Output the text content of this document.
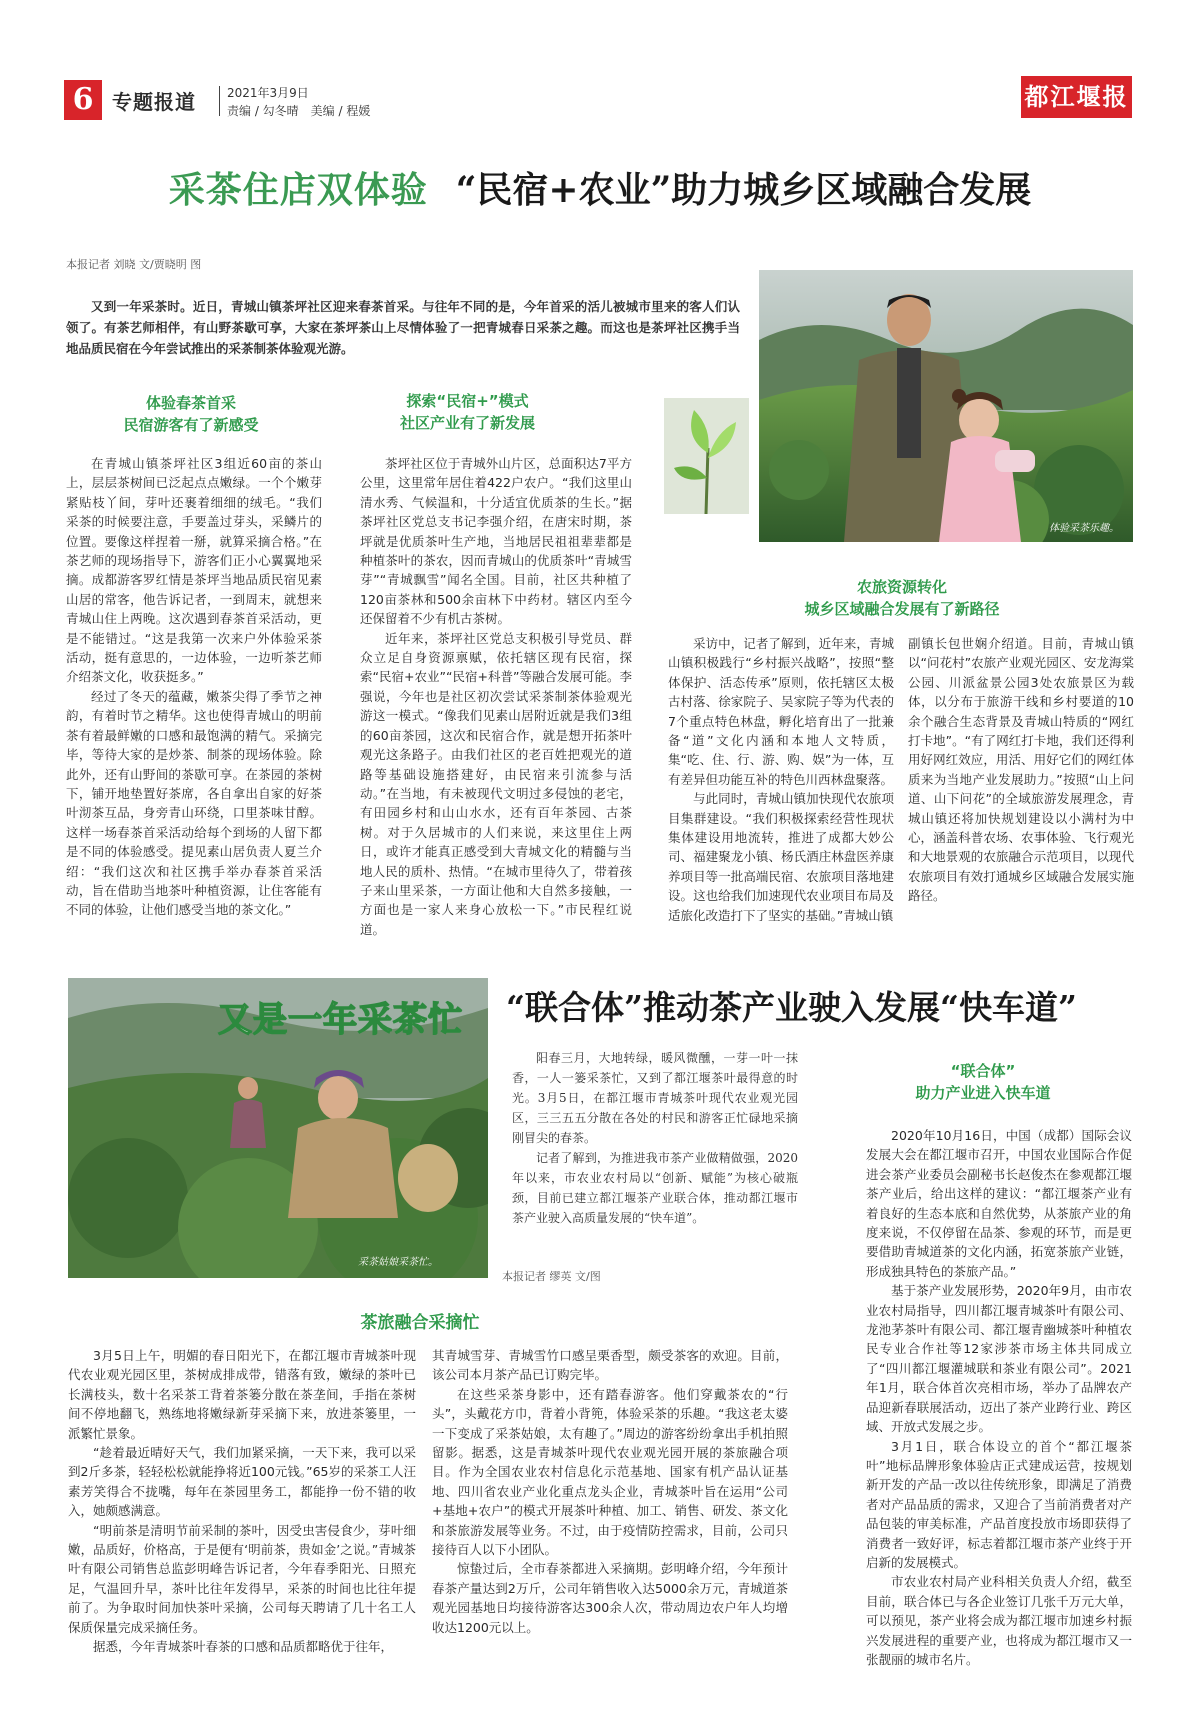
6 专题报道	2021年3月9日
责编 / 勾冬晴　美编 / 程媛	都江堰报
采茶住店双体验 “民宿+农业”助力城乡区域融合发展
本报记者 刘晓 文/贾晓明 图
又到一年采茶时。近日，青城山镇茶坪社区迎来春茶首采。与往年不同的是，今年首采的活儿被城市里来的客人们认领了。有茶艺师相伴，有山野茶歇可享，大家在茶坪茶山上尽情体验了一把青城春日采茶之趣。而这也是茶坪社区携手当地品质民宿在今年尝试推出的采茶制茶体验观光游。
体验采茶乐趣。
体验春茶首采
民宿游客有了新感受
探索“民宿+”模式
社区产业有了新发展
农旅资源转化
城乡区域融合发展有了新路径

在青城山镇茶坪社区3组近60亩的茶山上，层层茶树间已泛起点点嫩绿。一个个嫩芽紧贴枝丫间，芽叶还裹着细细的绒毛。“我们采茶的时候要注意，手要盖过芽头，采鳞片的位置。要像这样捏着一掰，就算采摘合格。”在茶艺师的现场指导下，游客们正小心翼翼地采摘。成都游客罗红情是茶坪当地品质民宿见素山居的常客，他告诉记者，一到周末，就想来青城山住上两晚。这次遇到春茶首采活动，更是不能错过。“这是我第一次来户外体验采茶活动，挺有意思的，一边体验，一边听茶艺师介绍茶文化，收获挺多。”

经过了冬天的蕴藏，嫩茶尖得了季节之神韵，有着时节之精华。这也使得青城山的明前茶有着最鲜嫩的口感和最饱满的精气。采摘完毕，等待大家的是炒茶、制茶的现场体验。除此外，还有山野间的茶歇可享。在茶园的茶树下，铺开地垫置好茶席，各自拿出自家的好茶叶沏茶互品，身旁青山环绕，口里茶味甘醇。这样一场春茶首采活动给每个到场的人留下都是不同的体验感受。提见素山居负责人夏兰介绍：“我们这次和社区携手举办春茶首采活动，旨在借助当地茶叶种植资源，让住客能有不同的体验，让他们感受当地的茶文化。”

茶坪社区位于青城外山片区，总面积达7平方公里，这里常年居住着422户农户。“我们这里山清水秀、气候温和，十分适宜优质茶的生长。”据茶坪社区党总支书记李强介绍，在唐宋时期，茶坪就是优质茶叶生产地，当地居民祖祖辈辈都是种植茶叶的茶农，因而青城山的优质茶叶“青城雪芽”“青城飘雪”闻名全国。目前，社区共种植了120亩茶林和500余亩林下中药材。辖区内至今还保留着不少有机古茶树。

近年来，茶坪社区党总支积极引导党员、群众立足自身资源禀赋，依托辖区现有民宿，探索“民宿+农业”“民宿+科普”等融合发展可能。李强说，今年也是社区初次尝试采茶制茶体验观光游这一模式。“像我们见素山居附近就是我们3组的60亩茶园，这次和民宿合作，就是想开拓茶叶观光这条路子。由我们社区的老百姓把观光的道路等基础设施搭建好，由民宿来引流参与活动。”在当地，有未被现代文明过多侵蚀的老宅，有田园乡村和山山水水，还有百年茶园、古茶树。对于久居城市的人们来说，来这里住上两日，或许才能真正感受到大青城文化的精髓与当地人民的质朴、热情。“在城市里待久了，带着孩子来山里采茶，一方面让他和大自然多接触，一方面也是一家人来身心放松一下。”市民程红说道。

采访中，记者了解到，近年来，青城山镇积极践行“乡村振兴战略”，按照“整体保护、活态传承”原则，依托辖区太极古村落、徐家院子、吴家院子等为代表的7个重点特色林盘，孵化培育出了一批兼备“道”文化内涵和本地人文特质，集“吃、住、行、游、购、娱”为一体，互有差异但功能互补的特色川西林盘聚落。

与此同时，青城山镇加快现代农旅项目集群建设。“我们积极探索经营性现状集体建设用地流转，推进了成都大妙公司、福建聚龙小镇、杨氏酒庄林盘医养康养项目等一批高端民宿、农旅项目落地建设。这也给我们加速现代农业项目布局及适旅化改造打下了坚实的基础。”青城山镇

副镇长包世娴介绍道。目前，青城山镇以“问花村”农旅产业观光园区、安龙海棠公园、川派盆景公园3处农旅景区为载体，以分布于旅游干线和乡村要道的10余个融合生态背景及青城山特质的“网红打卡地”。“有了网红打卡地，我们还得利用好网红效应，用活、用好它们的网红体质来为当地产业发展助力。”按照“山上问道、山下问花”的全域旅游发展理念，青城山镇还将加快规划建设以小满村为中心，涵盖科普农场、农事体验、飞行观光和大地景观的农旅融合示范项目，以现代农旅项目有效打通城乡区域融合发展实施路径。

又是一年采茶忙
采茶姑娘采茶忙。
“联合体”推动茶产业驶入发展“快车道”

阳春三月，大地转绿，暖风微醺，一芽一叶一抹香，一人一篓采茶忙，又到了都江堰茶叶最得意的时光。3月5日，在都江堰市青城茶叶现代农业观光园区，三三五五分散在各处的村民和游客正忙碌地采摘刚冒尖的春茶。

记者了解到，为推进我市茶产业做精做强，2020年以来，市农业农村局以“创新、赋能”为核心破瓶颈，目前已建立都江堰茶产业联合体，推动都江堰市茶产业驶入高质量发展的“快车道”。

本报记者 缪英 文/图
“联合体”
助力产业进入快车道
茶旅融合采摘忙

2020年10月16日，中国（成都）国际会议发展大会在都江堰市召开，中国农业国际合作促进会茶产业委员会副秘书长赵俊杰在参观都江堰茶产业后，给出这样的建议：“都江堰茶产业有着良好的生态本底和自然优势，从茶旅产业的角度来说，不仅停留在品茶、参观的环节，而是更要借助青城道茶的文化内涵，拓宽茶旅产业链，形成独具特色的茶旅产品。”

基于茶产业发展形势，2020年9月，由市农业农村局指导，四川都江堰青城茶叶有限公司、龙池茅茶叶有限公司、都江堰青幽城茶叶种植农民专业合作社等12家涉茶市场主体共同成立了“四川都江堰灌城联和茶业有限公司”。2021年1月，联合体首次亮相市场，举办了品牌农产品迎新春联展活动，迈出了茶产业跨行业、跨区域、开放式发展之步。

3月1日，联合体设立的首个“都江堰茶叶”地标品牌形象体验店正式建成运营，按规划新开发的产品一改以往传统形象，即满足了消费者对产品品质的需求，又迎合了当前消费者对产品包装的审美标准，产品首度投放市场即获得了消费者一致好评，标志着都江堰市茶产业终于开启新的发展模式。

市农业农村局产业科相关负责人介绍，截至目前，联合体已与各企业签订几张千万元大单，可以预见，茶产业将会成为都江堰市加速乡村振兴发展进程的重要产业，也将成为都江堰市又一张靓丽的城市名片。

3月5日上午，明媚的春日阳光下，在都江堰市青城茶叶现代农业观光园区里，茶树成排成带，错落有致，嫩绿的茶叶已长满枝头，数十名采茶工背着茶篓分散在茶垄间，手指在茶树间不停地翻飞，熟练地将嫩绿新芽采摘下来，放进茶篓里，一派繁忙景象。

“趁着最近晴好天气，我们加紧采摘，一天下来，我可以采到2斤多茶，轻轻松松就能挣将近100元钱。”65岁的采茶工人汪素芳笑得合不拢嘴，每年在茶园里务工，都能挣一份不错的收入，她颇感满意。

“明前茶是清明节前采制的茶叶，因受虫害侵食少，芽叶细嫩，品质好，价格高，于是便有‘明前茶，贵如金’之说。”青城茶叶有限公司销售总监彭明峰告诉记者，今年春季阳光、日照充足，气温回升早，茶叶比往年发得早，采茶的时间也比往年提前了。为争取时间加快茶叶采摘，公司每天聘请了几十名工人保质保量完成采摘任务。

据悉，今年青城茶叶春茶的口感和品质都略优于往年，

其青城雪芽、青城雪竹口感呈栗香型，颇受茶客的欢迎。目前，该公司本月茶产品已订购完毕。

在这些采茶身影中，还有踏春游客。他们穿戴茶农的“行头”，头戴花方巾，背着小背篼，体验采茶的乐趣。“我这老太婆一下变成了采茶姑娘，太有趣了。”周边的游客纷纷拿出手机拍照留影。据悉，这是青城茶叶现代农业观光园开展的茶旅融合项目。作为全国农业农村信息化示范基地、国家有机产品认证基地、四川省农业产业化重点龙头企业，青城茶叶旨在运用“公司+基地+农户”的模式开展茶叶种植、加工、销售、研发、茶文化和茶旅游发展等业务。不过，由于疫情防控需求，目前，公司只接待百人以下小团队。

惊蛰过后，全市春茶都进入采摘期。彭明峰介绍，今年预计春茶产量达到2万斤，公司年销售收入达5000余万元，青城道茶观光园基地日均接待游客达300余人次，带动周边农户年人均增收达1200元以上。
